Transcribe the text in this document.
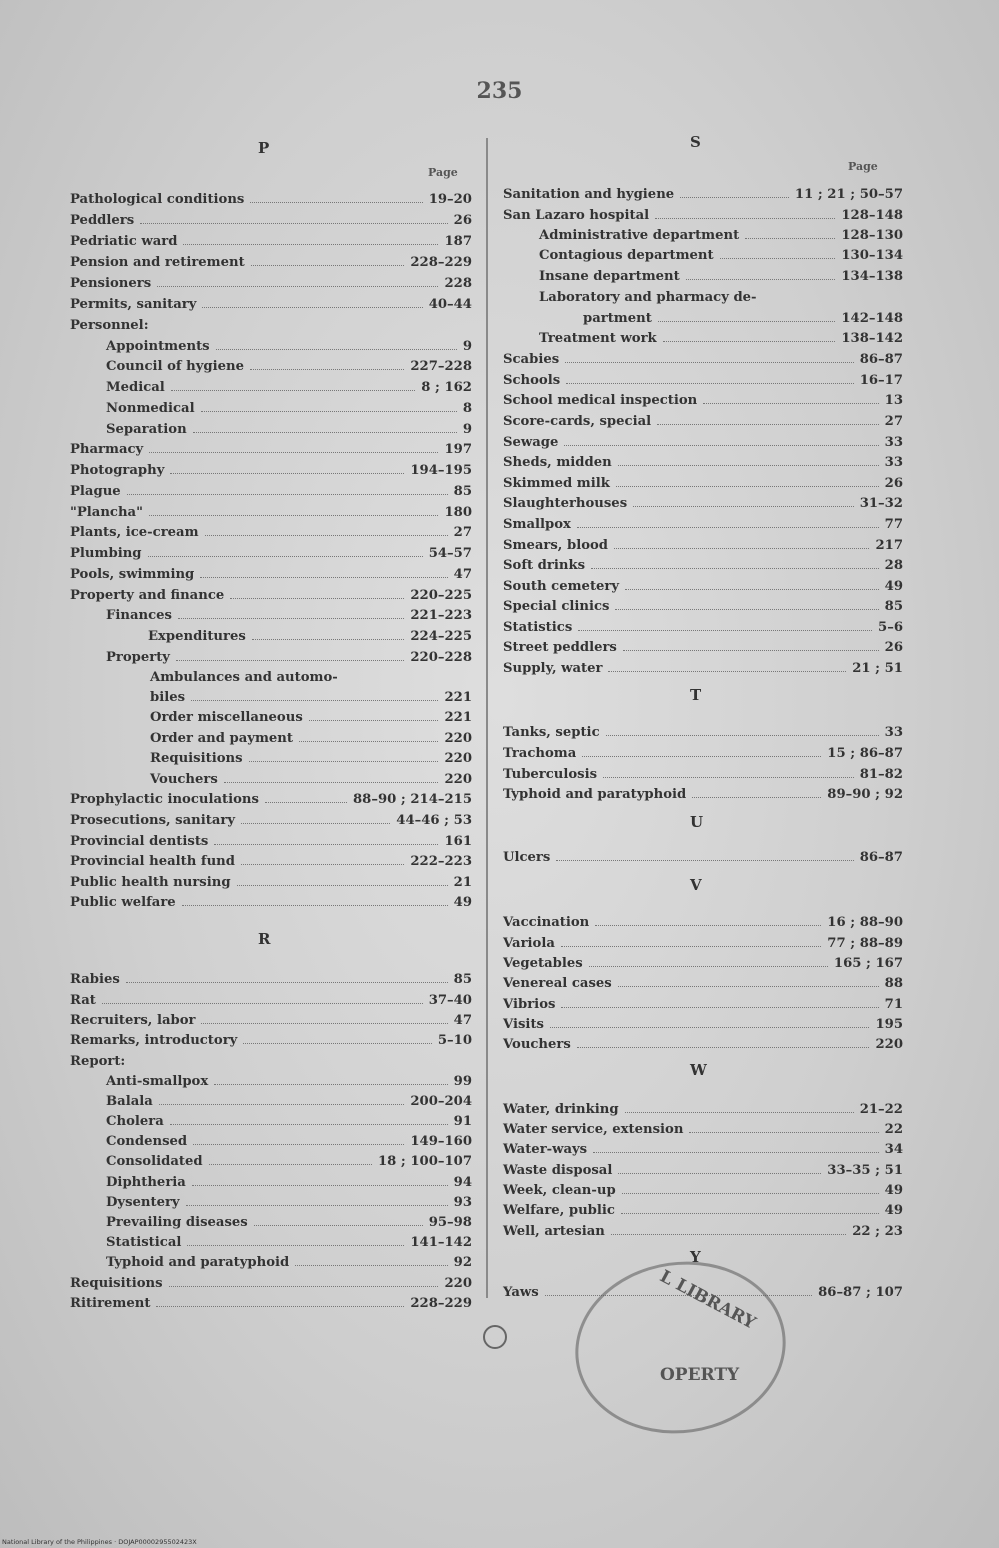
235
Page
P
Pathological conditions	19–20
Peddlers	26
Pedriatic ward	187
Pension and retirement	228–229
Pensioners	228
Permits, sanitary	40–44
Personnel:
Appointments	9
Council of hygiene	227–228
Medical	8 ; 162
Nonmedical	8
Separation	9
Pharmacy	197
Photography	194–195
Plague	85
"Plancha"	180
Plants, ice-cream	27
Plumbing	54–57
Pools, swimming	47
Property and finance	220–225
Finances	221–223
Expenditures	224–225
Property	220–228
Ambulances and automo-
biles	221
Order miscellaneous	221
Order and payment	220
Requisitions	220
Vouchers	220
Prophylactic inoculations	88–90 ; 214–215
Prosecutions, sanitary	44–46 ; 53
Provincial dentists	161
Provincial health fund	222–223
Public health nursing	21
Public welfare	49
R
Rabies	85
Rat	37–40
Recruiters, labor	47
Remarks, introductory	5–10
Report:
Anti-smallpox	99
Balala	200–204
Cholera	91
Condensed	149–160
Consolidated	18 ; 100–107
Diphtheria	94
Dysentery	93
Prevailing diseases	95–98
Statistical	141–142
Typhoid and paratyphoid	92
Requisitions	220
Ritirement	228–229
Page
S
Sanitation and hygiene	11 ; 21 ; 50–57
San Lazaro hospital	128–148
Administrative department	128–130
Contagious department	130–134
Insane department	134–138
Laboratory and pharmacy de-
partment	142–148
Treatment work	138–142
Scabies	86–87
Schools	16–17
School medical inspection	13
Score-cards, special	27
Sewage	33
Sheds, midden	33
Skimmed milk	26
Slaughterhouses	31–32
Smallpox	77
Smears, blood	217
Soft drinks	28
South cemetery	49
Special clinics	85
Statistics	5–6
Street peddlers	26
Supply, water	21 ; 51
T
Tanks, septic	33
Trachoma	15 ; 86–87
Tuberculosis	81–82
Typhoid and paratyphoid	89–90 ; 92
U
Ulcers	86–87
V
Vaccination	16 ; 88–90
Variola	77 ; 88–89
Vegetables	165 ; 167
Venereal cases	88
Vibrios	71
Visits	195
Vouchers	220
W
Water, drinking	21–22
Water service, extension	22
Water-ways	34
Waste disposal	33–35 ; 51
Week, clean-up	49
Welfare, public	49
Well, artesian	22 ; 23
Y
Yaws	86–87 ; 107
L LIBRARY
OPERTY
National Library of the Philippines · DOJAP0000295502423X
